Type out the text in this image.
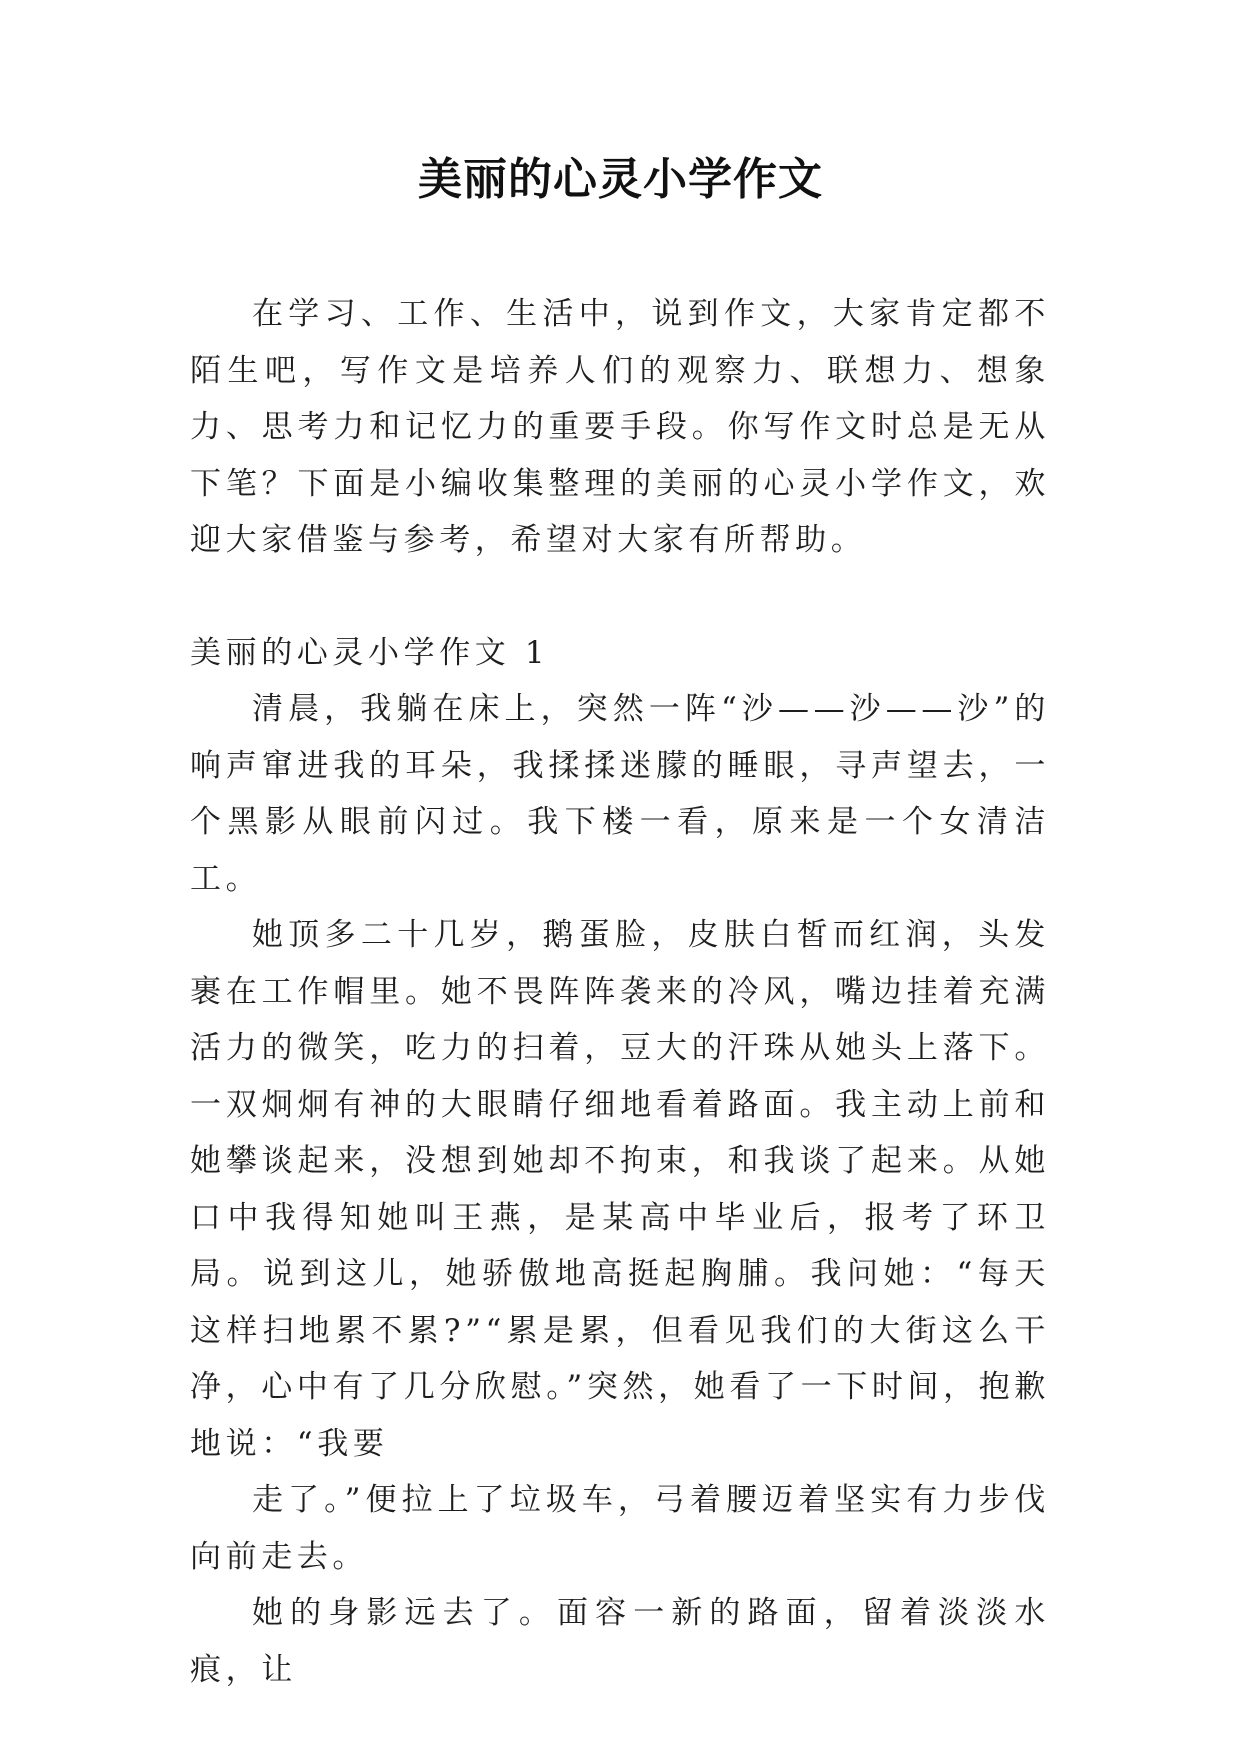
美丽的心灵小学作文

在学习、工作、生活中，说到作文，大家肯定都不陌生吧，写作文是培养人们的观察力、联想力、想象力、思考力和记忆力的重要手段。你写作文时总是无从下笔？下面是小编收集整理的美丽的心灵小学作文，欢迎大家借鉴与参考，希望对大家有所帮助。

美丽的心灵小学作文 1

清晨，我躺在床上，突然一阵“沙——沙——沙”的响声窜进我的耳朵，我揉揉迷朦的睡眼，寻声望去，一个黑影从眼前闪过。我下楼一看，原来是一个女清洁工。

她顶多二十几岁，鹅蛋脸，皮肤白皙而红润，头发裹在工作帽里。她不畏阵阵袭来的冷风，嘴边挂着充满活力的微笑，吃力的扫着，豆大的汗珠从她头上落下。一双炯炯有神的大眼睛仔细地看着路面。我主动上前和她攀谈起来，没想到她却不拘束，和我谈了起来。从她口中我得知她叫王燕，是某高中毕业后，报考了环卫局。说到这儿，她骄傲地高挺起胸脯。我问她：“每天这样扫地累不累?”“累是累，但看见我们的大街这么干净，心中有了几分欣慰。”突然，她看了一下时间，抱歉地说：“我要

走了。”便拉上了垃圾车，弓着腰迈着坚实有力步伐向前走去。

她的身影远去了。面容一新的路面，留着淡淡水痕，让
